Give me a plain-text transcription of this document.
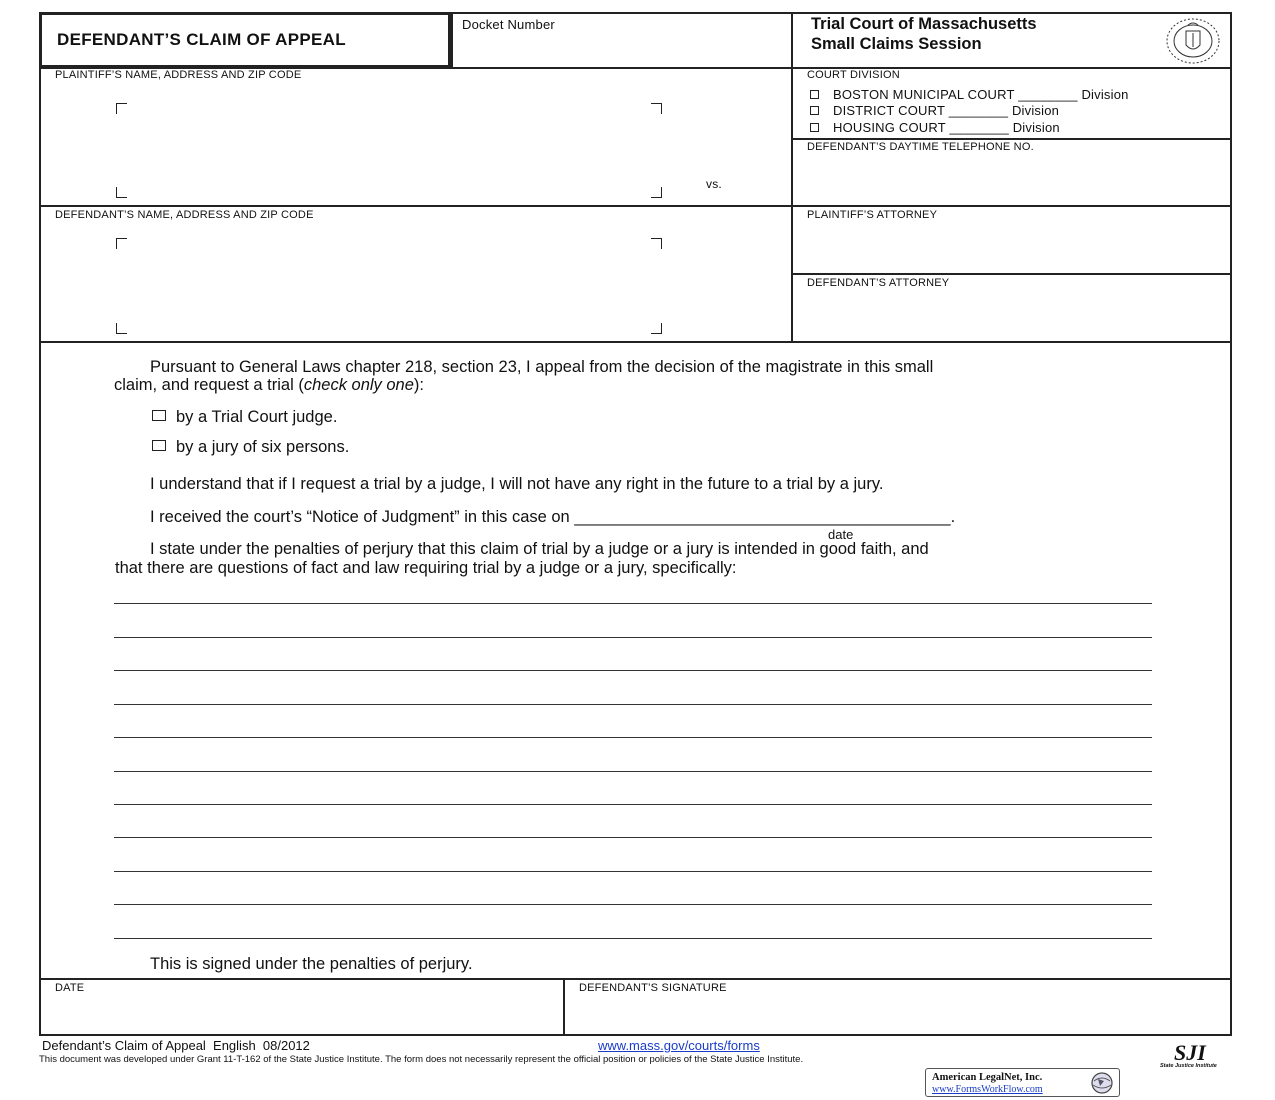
DEFENDANT’S CLAIM OF APPEAL
Docket Number	Trial Court of Massachusetts
Small Claims Session
PLAINTIFF’S NAME, ADDRESS AND ZIP CODE
vs.
DEFENDANT’S NAME, ADDRESS AND ZIP CODE
COURT DIVISION
BOSTON MUNICIPAL COURT ________ Division
DISTRICT COURT ________ Division
HOUSING COURT ________ Division
DEFENDANT’S DAYTIME TELEPHONE NO.
PLAINTIFF’S ATTORNEY
DEFENDANT’S ATTORNEY
Pursuant to General Laws chapter 218, section 23, I appeal from the decision of the magistrate in this small
claim, and request a trial (check only one):
by a Trial Court judge.
by a jury of six persons.
I understand that if I request a trial by a judge, I will not have any right in the future to a trial by a jury.
I received the court’s “Notice of Judgment” in this case on _________________________________________.
date
I state under the penalties of perjury that this claim of trial by a judge or a jury is intended in good faith, and
that there are questions of fact and law requiring trial by a judge or a jury, specifically:
This is signed under the penalties of perjury.
DATE	DEFENDANT’S SIGNATURE
Defendant’s Claim of Appeal  English  08/2012	www.mass.gov/courts/forms
This document was developed under Grant 11-T-162 of the State Justice Institute. The form does not necessarily represent the official position or policies of the State Justice Institute.	SJI
State Justice Institute
American LegalNet, Inc.
www.FormsWorkFlow.com
